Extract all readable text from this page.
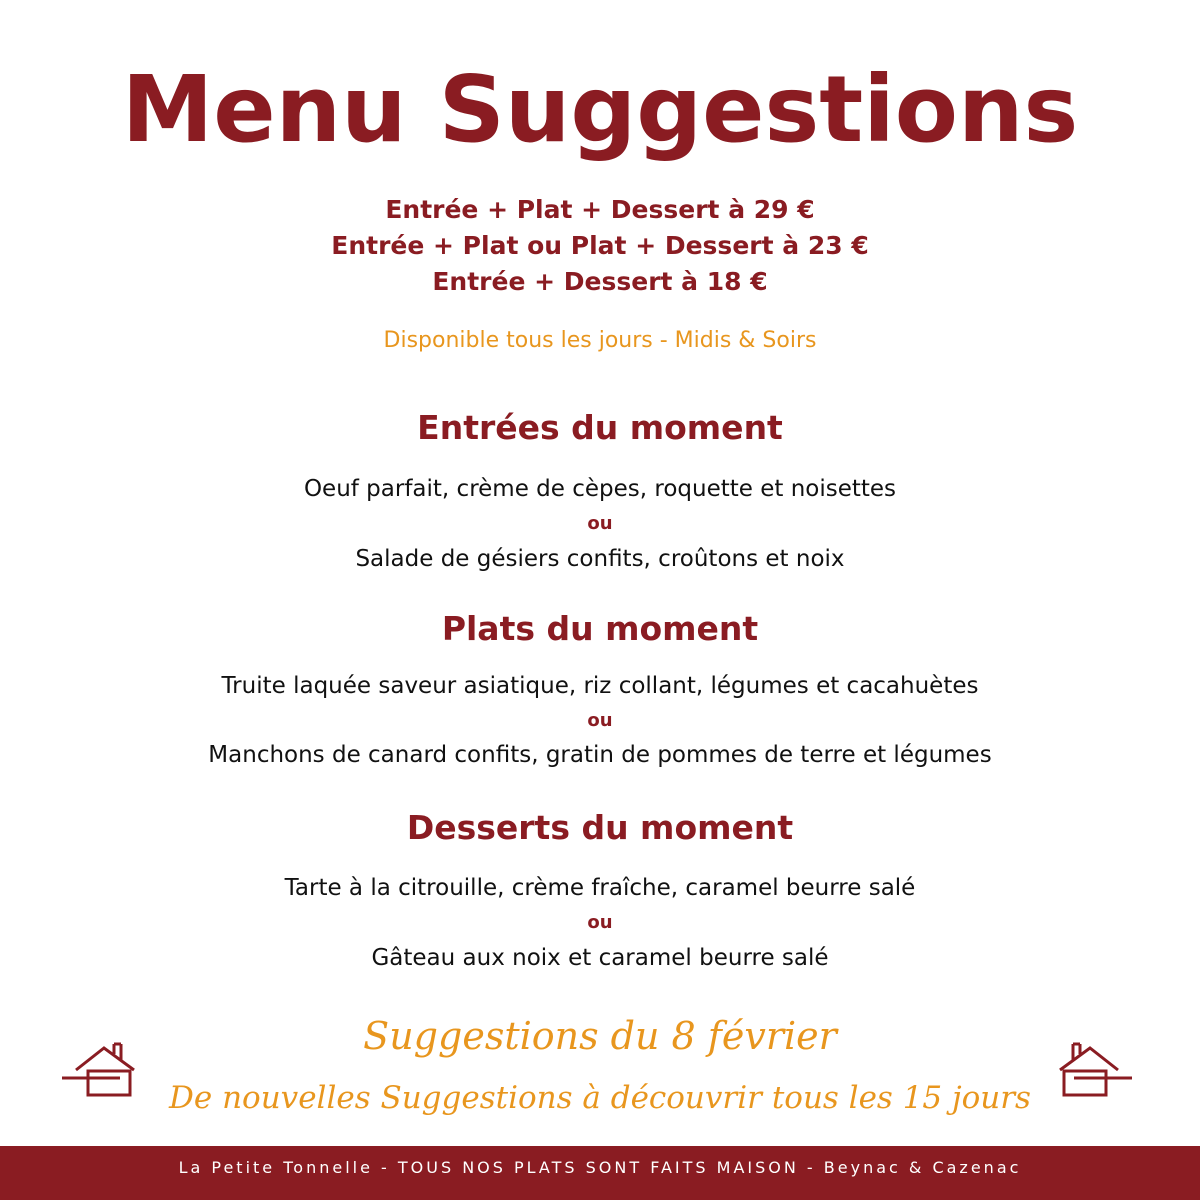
Menu Suggestions
Entrée + Plat + Dessert à 29 €
Entrée + Plat ou Plat + Dessert à 23 €
Entrée + Dessert à 18 €
Disponible tous les jours - Midis & Soirs
Entrées du moment
Oeuf parfait, crème de cèpes, roquette et noisettes
ou
Salade de gésiers confits, croûtons et noix
Plats du moment
Truite laquée saveur asiatique, riz collant, légumes et cacahuètes
ou
Manchons de canard confits, gratin de pommes de terre et légumes
Desserts du moment
Tarte à la citrouille, crème fraîche, caramel beurre salé
ou
Gâteau aux noix et caramel beurre salé
Suggestions du 8 février
De nouvelles Suggestions à découvrir tous les 15 jours
La Petite Tonnelle - TOUS NOS PLATS SONT FAITS MAISON - Beynac & Cazenac
